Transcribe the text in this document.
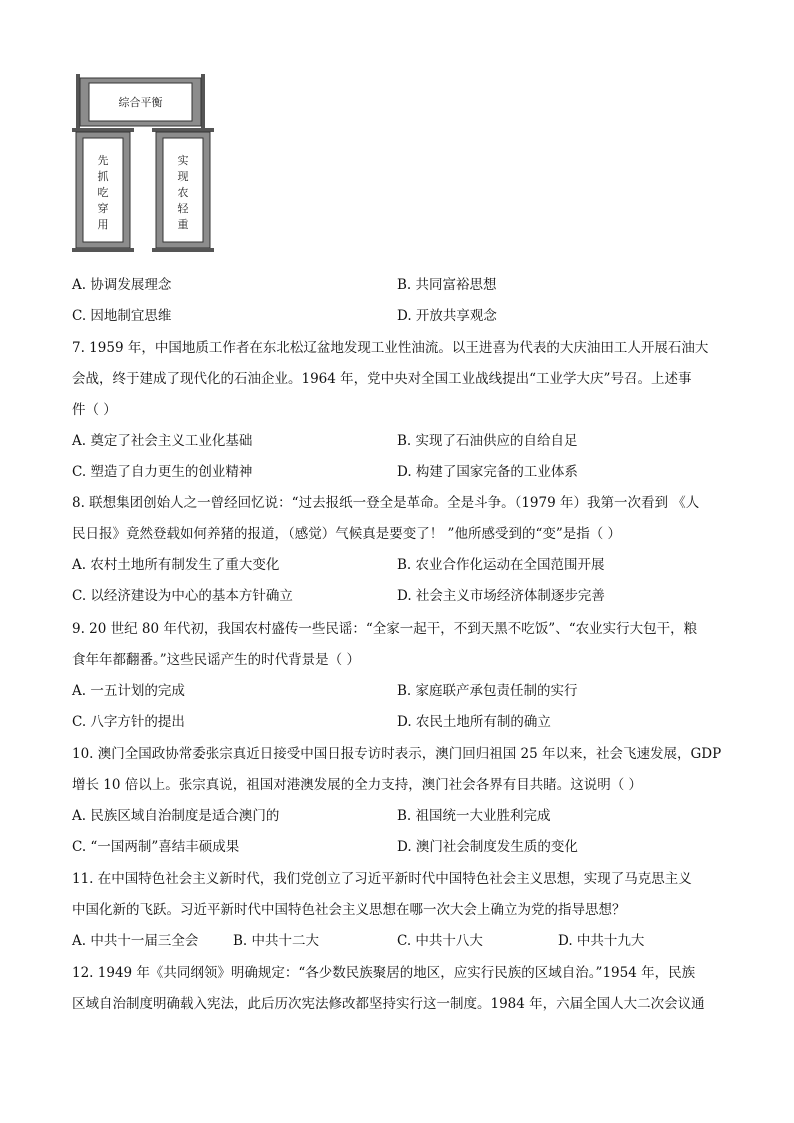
综合平衡
先
抓
吃
穿
用
实
现
农
轻
重
A. 协调发展理念	B. 共同富裕思想
C. 因地制宜思维	D. 开放共享观念
7. 1959 年，中国地质工作者在东北松辽盆地发现工业性油流。以王进喜为代表的大庆油田工人开展石油大
会战，终于建成了现代化的石油企业。1964 年，党中央对全国工业战线提出“工业学大庆”号召。上述事
件（ ）
A. 奠定了社会主义工业化基础	B. 实现了石油供应的自给自足
C. 塑造了自力更生的创业精神	D. 构建了国家完备的工业体系
8. 联想集团创始人之一曾经回忆说：“过去报纸一登全是革命。全是斗争。（1979 年）我第一次看到 《人
民日报》竟然登载如何养猪的报道，（感觉）气候真是要变了！ ”他所感受到的“变”是指（ ）
A. 农村土地所有制发生了重大变化	B. 农业合作化运动在全国范围开展
C. 以经济建设为中心的基本方针确立	D. 社会主义市场经济体制逐步完善
9. 20 世纪 80 年代初，我国农村盛传一些民谣：“全家一起干，不到天黑不吃饭”、“农业实行大包干，粮
食年年都翻番。”这些民谣产生的时代背景是（ ）
A. 一五计划的完成	B. 家庭联产承包责任制的实行
C. 八字方针的提出	D. 农民土地所有制的确立
10. 澳门全国政协常委张宗真近日接受中国日报专访时表示，澳门回归祖国 25 年以来，社会飞速发展，GDP
增长 10 倍以上。张宗真说，祖国对港澳发展的全力支持，澳门社会各界有目共睹。这说明（ ）
A. 民族区域自治制度是适合澳门的	B. 祖国统一大业胜利完成
C. “一国两制”喜结丰硕成果	D. 澳门社会制度发生质的变化
11. 在中国特色社会主义新时代，我们党创立了习近平新时代中国特色社会主义思想，实现了马克思主义
中国化新的飞跃。习近平新时代中国特色社会主义思想在哪一次大会上确立为党的指导思想？
A. 中共十一届三全会	B. 中共十二大	C. 中共十八大	D. 中共十九大
12. 1949 年《共同纲领》明确规定：“各少数民族聚居的地区，应实行民族的区域自治。”1954 年，民族
区域自治制度明确载入宪法，此后历次宪法修改都坚持实行这一制度。1984 年，六届全国人大二次会议通
